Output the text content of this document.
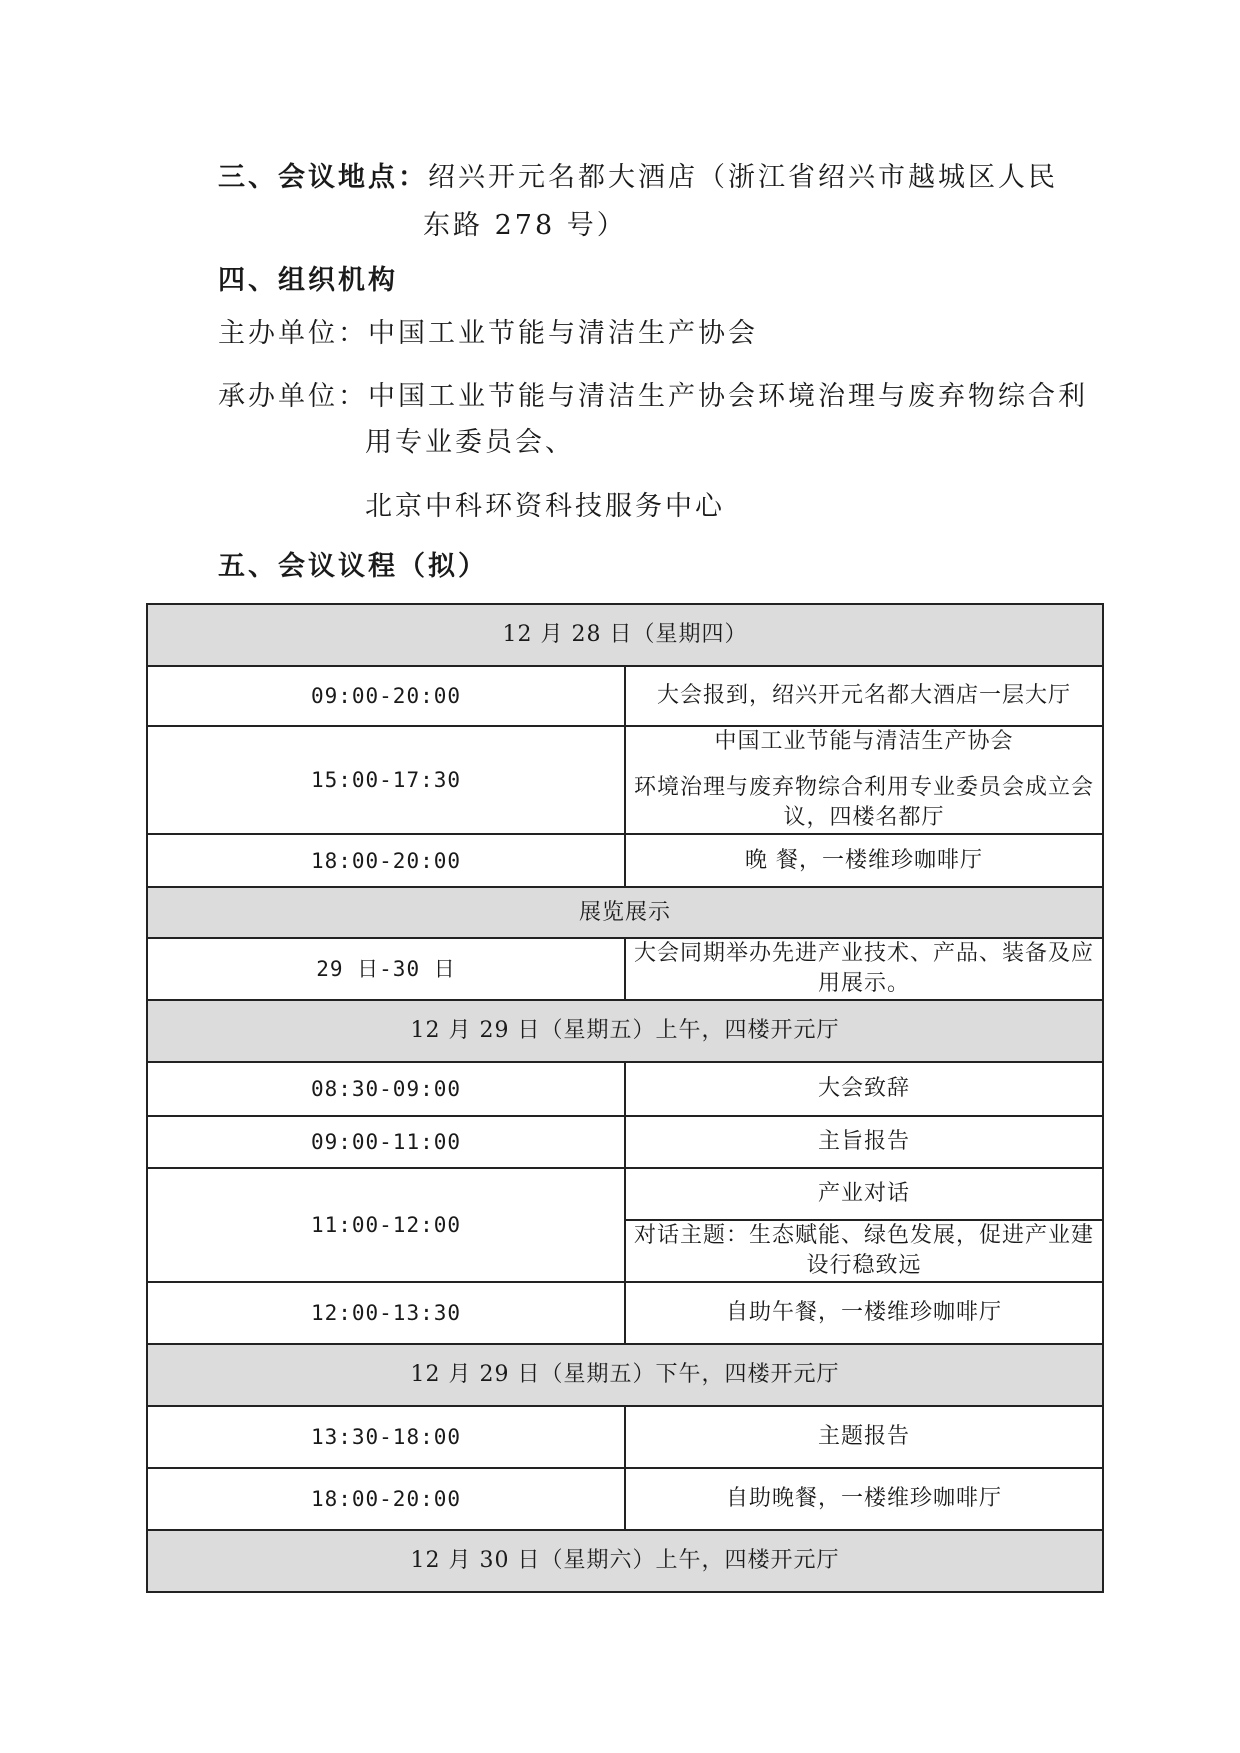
三、会议地点：绍兴开元名都大酒店（浙江省绍兴市越城区人民
东路 278 号）
四、组织机构
主办单位：中国工业节能与清洁生产协会
承办单位：中国工业节能与清洁生产协会环境治理与废弃物综合利
用专业委员会、
北京中科环资科技服务中心
五、会议议程（拟）
12 月 28 日（星期四）	
09:00-20:00	大会报到，绍兴开元名都大酒店一层大厅
15:00-17:30	中国工业节能与清洁生产协会
环境治理与废弃物综合利用专业委员会成立会议，四楼名都厅

18:00-20:00	晚 餐，一楼维珍咖啡厅
展览展示	
29 日-30 日	大会同期举办先进产业技术、产品、装备及应用展示。
12 月 29 日（星期五）上午，四楼开元厅	
08:30-09:00	大会致辞
09:00-11:00	主旨报告
11:00-12:00	产业对话
	对话主题：生态赋能、绿色发展，促进产业建设行稳致远
12:00-13:30	自助午餐，一楼维珍咖啡厅
12 月 29 日（星期五）下午，四楼开元厅	
13:30-18:00	主题报告
18:00-20:00	自助晚餐，一楼维珍咖啡厅
12 月 30 日（星期六）上午，四楼开元厅	
